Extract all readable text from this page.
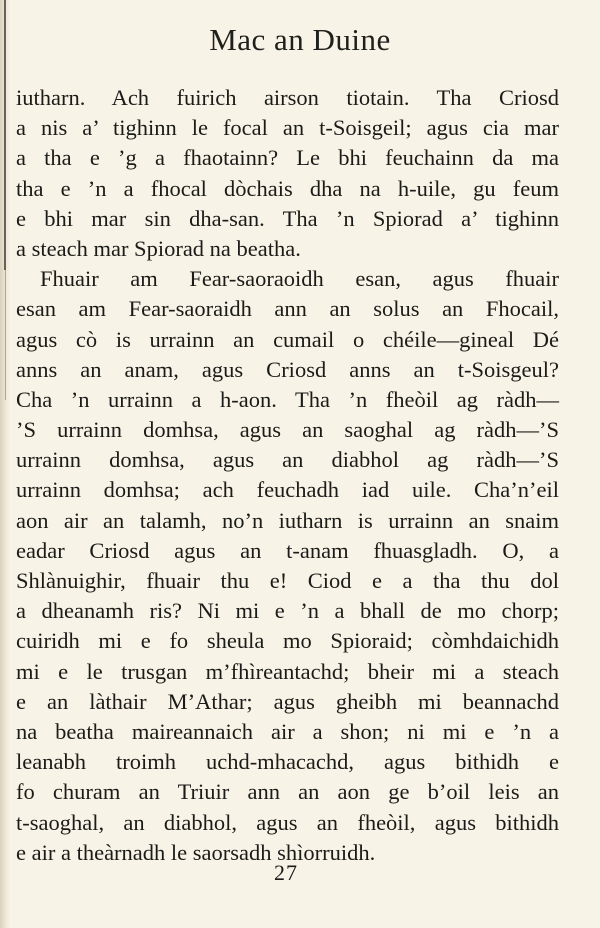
Mac an Duine
iutharn. Ach fuirich airson tiotain. Tha Criosd
a nis a’ tighinn le focal an t-Soisgeil; agus cia mar
a tha e ’g a fhaotainn? Le bhi feuchainn da ma
tha e ’n a fhocal dòchais dha na h-uile, gu feum
e bhi mar sin dha-san. Tha ’n Spiorad a’ tighinn
a steach mar Spiorad na beatha.
Fhuair am Fear-saoraoidh esan, agus fhuair
esan am Fear-saoraidh ann an solus an Fhocail,
agus cò is urrainn an cumail o chéile—gineal Dé
anns an anam, agus Criosd anns an t-Soisgeul?
Cha ’n urrainn a h-aon. Tha ’n fheòil ag ràdh—
’S urrainn domhsa, agus an saoghal ag ràdh—’S
urrainn domhsa, agus an diabhol ag ràdh—’S
urrainn domhsa; ach feuchadh iad uile. Cha’n’eil
aon air an talamh, no’n iutharn is urrainn an snaim
eadar Criosd agus an t-anam fhuasgladh. O, a
Shlànuighir, fhuair thu e! Ciod e a tha thu dol
a dheanamh ris? Ni mi e ’n a bhall de mo chorp;
cuiridh mi e fo sheula mo Spioraid; còmhdaichidh
mi e le trusgan m’fhìreantachd; bheir mi a steach
e an làthair M’Athar; agus gheibh mi beannachd
na beatha maireannaich air a shon; ni mi e ’n a
leanabh troimh uchd-mhacachd, agus bithidh e
fo churam an Triuir ann an aon ge b’oil leis an
t-saoghal, an diabhol, agus an fheòil, agus bithidh
e air a theàrnadh le saorsadh shìorruidh.
27
